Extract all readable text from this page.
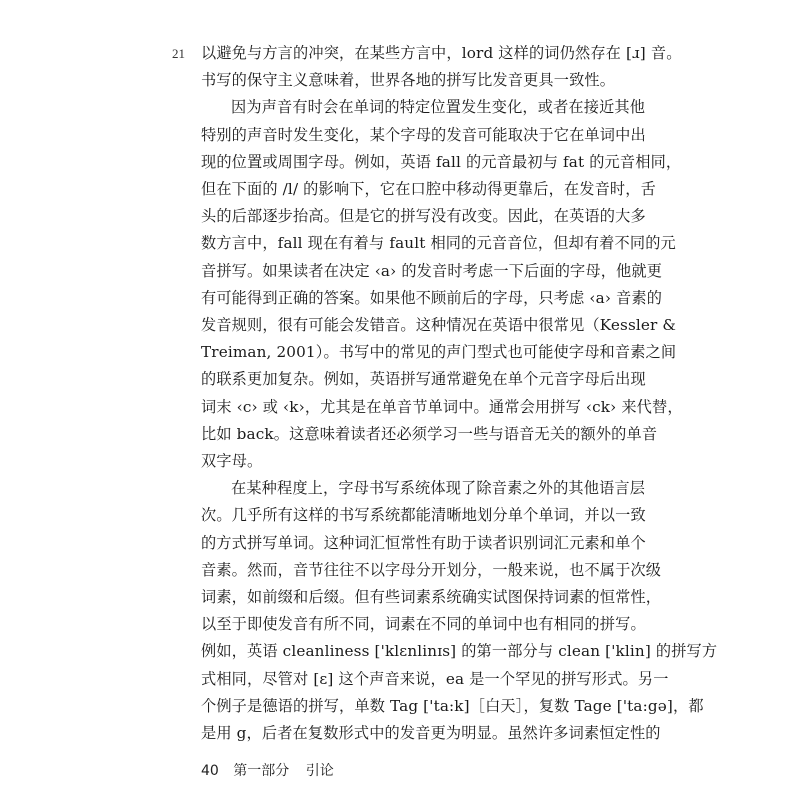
21 以避免与方言的冲突，在某些方言中，lord 这样的词仍然存在 [ɹ] 音。
书写的保守主义意味着，世界各地的拼写比发音更具一致性。
因为声音有时会在单词的特定位置发生变化，或者在接近其他
特别的声音时发生变化，某个字母的发音可能取决于它在单词中出
现的位置或周围字母。例如，英语 fall 的元音最初与 fat 的元音相同，
但在下面的 /l/ 的影响下，它在口腔中移动得更靠后，在发音时，舌
头的后部逐步抬高。但是它的拼写没有改变。因此，在英语的大多
数方言中，fall 现在有着与 fault 相同的元音音位，但却有着不同的元
音拼写。如果读者在决定 ‹a› 的发音时考虑一下后面的字母，他就更
有可能得到正确的答案。如果他不顾前后的字母，只考虑 ‹a› 音素的
发音规则，很有可能会发错音。这种情况在英语中很常见（Kessler &
Treiman, 2001）。书写中的常见的声门型式也可能使字母和音素之间
的联系更加复杂。例如，英语拼写通常避免在单个元音字母后出现
词末 ‹c› 或 ‹k›，尤其是在单音节单词中。通常会用拼写 ‹ck› 来代替，
比如 back。这意味着读者还必须学习一些与语音无关的额外的单音
双字母。
在某种程度上，字母书写系统体现了除音素之外的其他语言层
次。几乎所有这样的书写系统都能清晰地划分单个单词，并以一致
的方式拼写单词。这种词汇恒常性有助于读者识别词汇元素和单个
音素。然而，音节往往不以字母分开划分，一般来说，也不属于次级
词素，如前缀和后缀。但有些词素系统确实试图保持词素的恒常性，
以至于即使发音有所不同，词素在不同的单词中也有相同的拼写。
例如，英语 cleanliness ['klɛnlinɪs] 的第一部分与 clean ['klin] 的拼写方
式相同，尽管对 [ɛ] 这个声音来说，ea 是一个罕见的拼写形式。另一
个例子是德语的拼写，单数 Tag ['ta:k]［白天］，复数 Tage ['ta:gə]，都
是用 g，后者在复数形式中的发音更为明显。虽然许多词素恒定性的
40 第一部分 引论
